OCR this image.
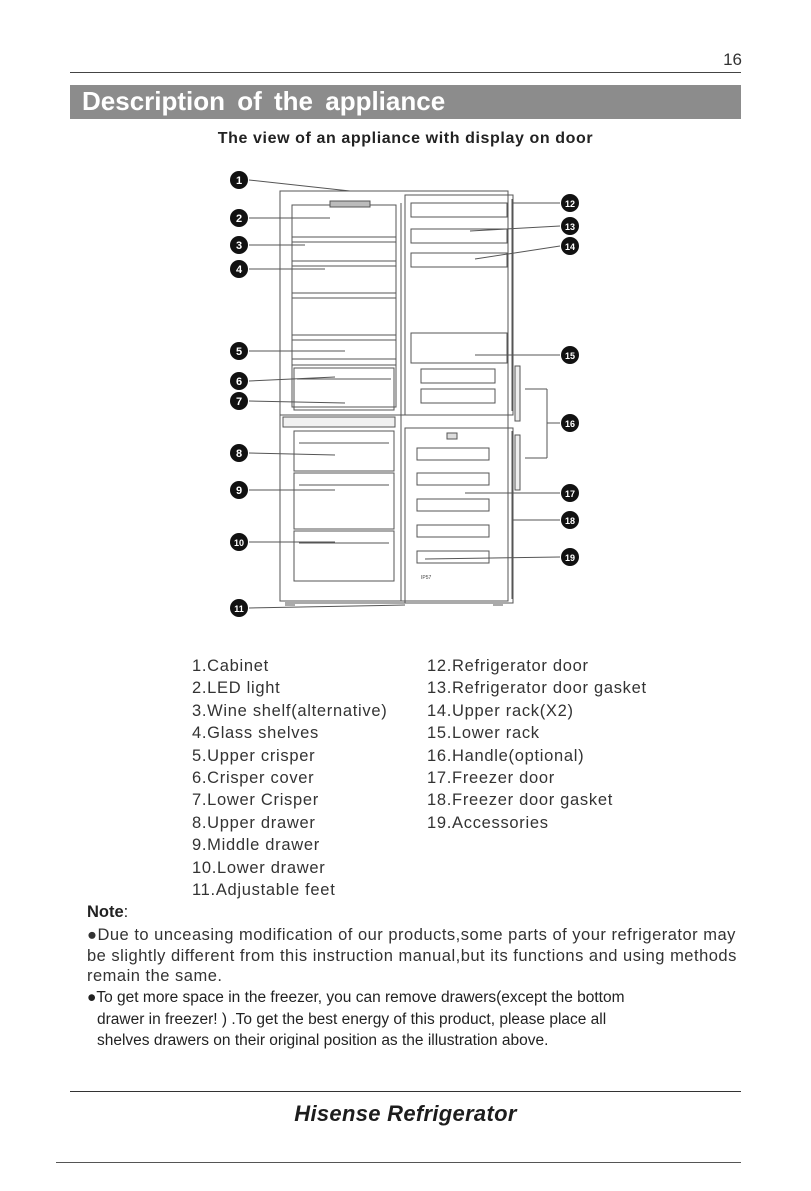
16
Description of the appliance
The view of an appliance with display on door
IP57
1
2
3
4
5
6
7
8
9
10
11
12
13
14
15
16
17
18
19
1.Cabinet
2.LED light
3.Wine shelf(alternative)
4.Glass shelves
5.Upper crisper
6.Crisper cover
7.Lower Crisper
8.Upper drawer
9.Middle drawer
10.Lower drawer
11.Adjustable feet
12.Refrigerator door
13.Refrigerator door gasket
14.Upper rack(X2)
15.Lower rack
16.Handle(optional)
17.Freezer door
18.Freezer door gasket
19.Accessories
Note:
●Due to unceasing modification of our products,some parts of your refrigerator may be slightly different from this instruction manual,but its functions and using methods remain the same.
●To get more space in the freezer, you can remove drawers(except the bottom
drawer in freezer! ) .To get the best energy of this product, please place all
shelves drawers on their original position as the illustration above.
Hisense Refrigerator
